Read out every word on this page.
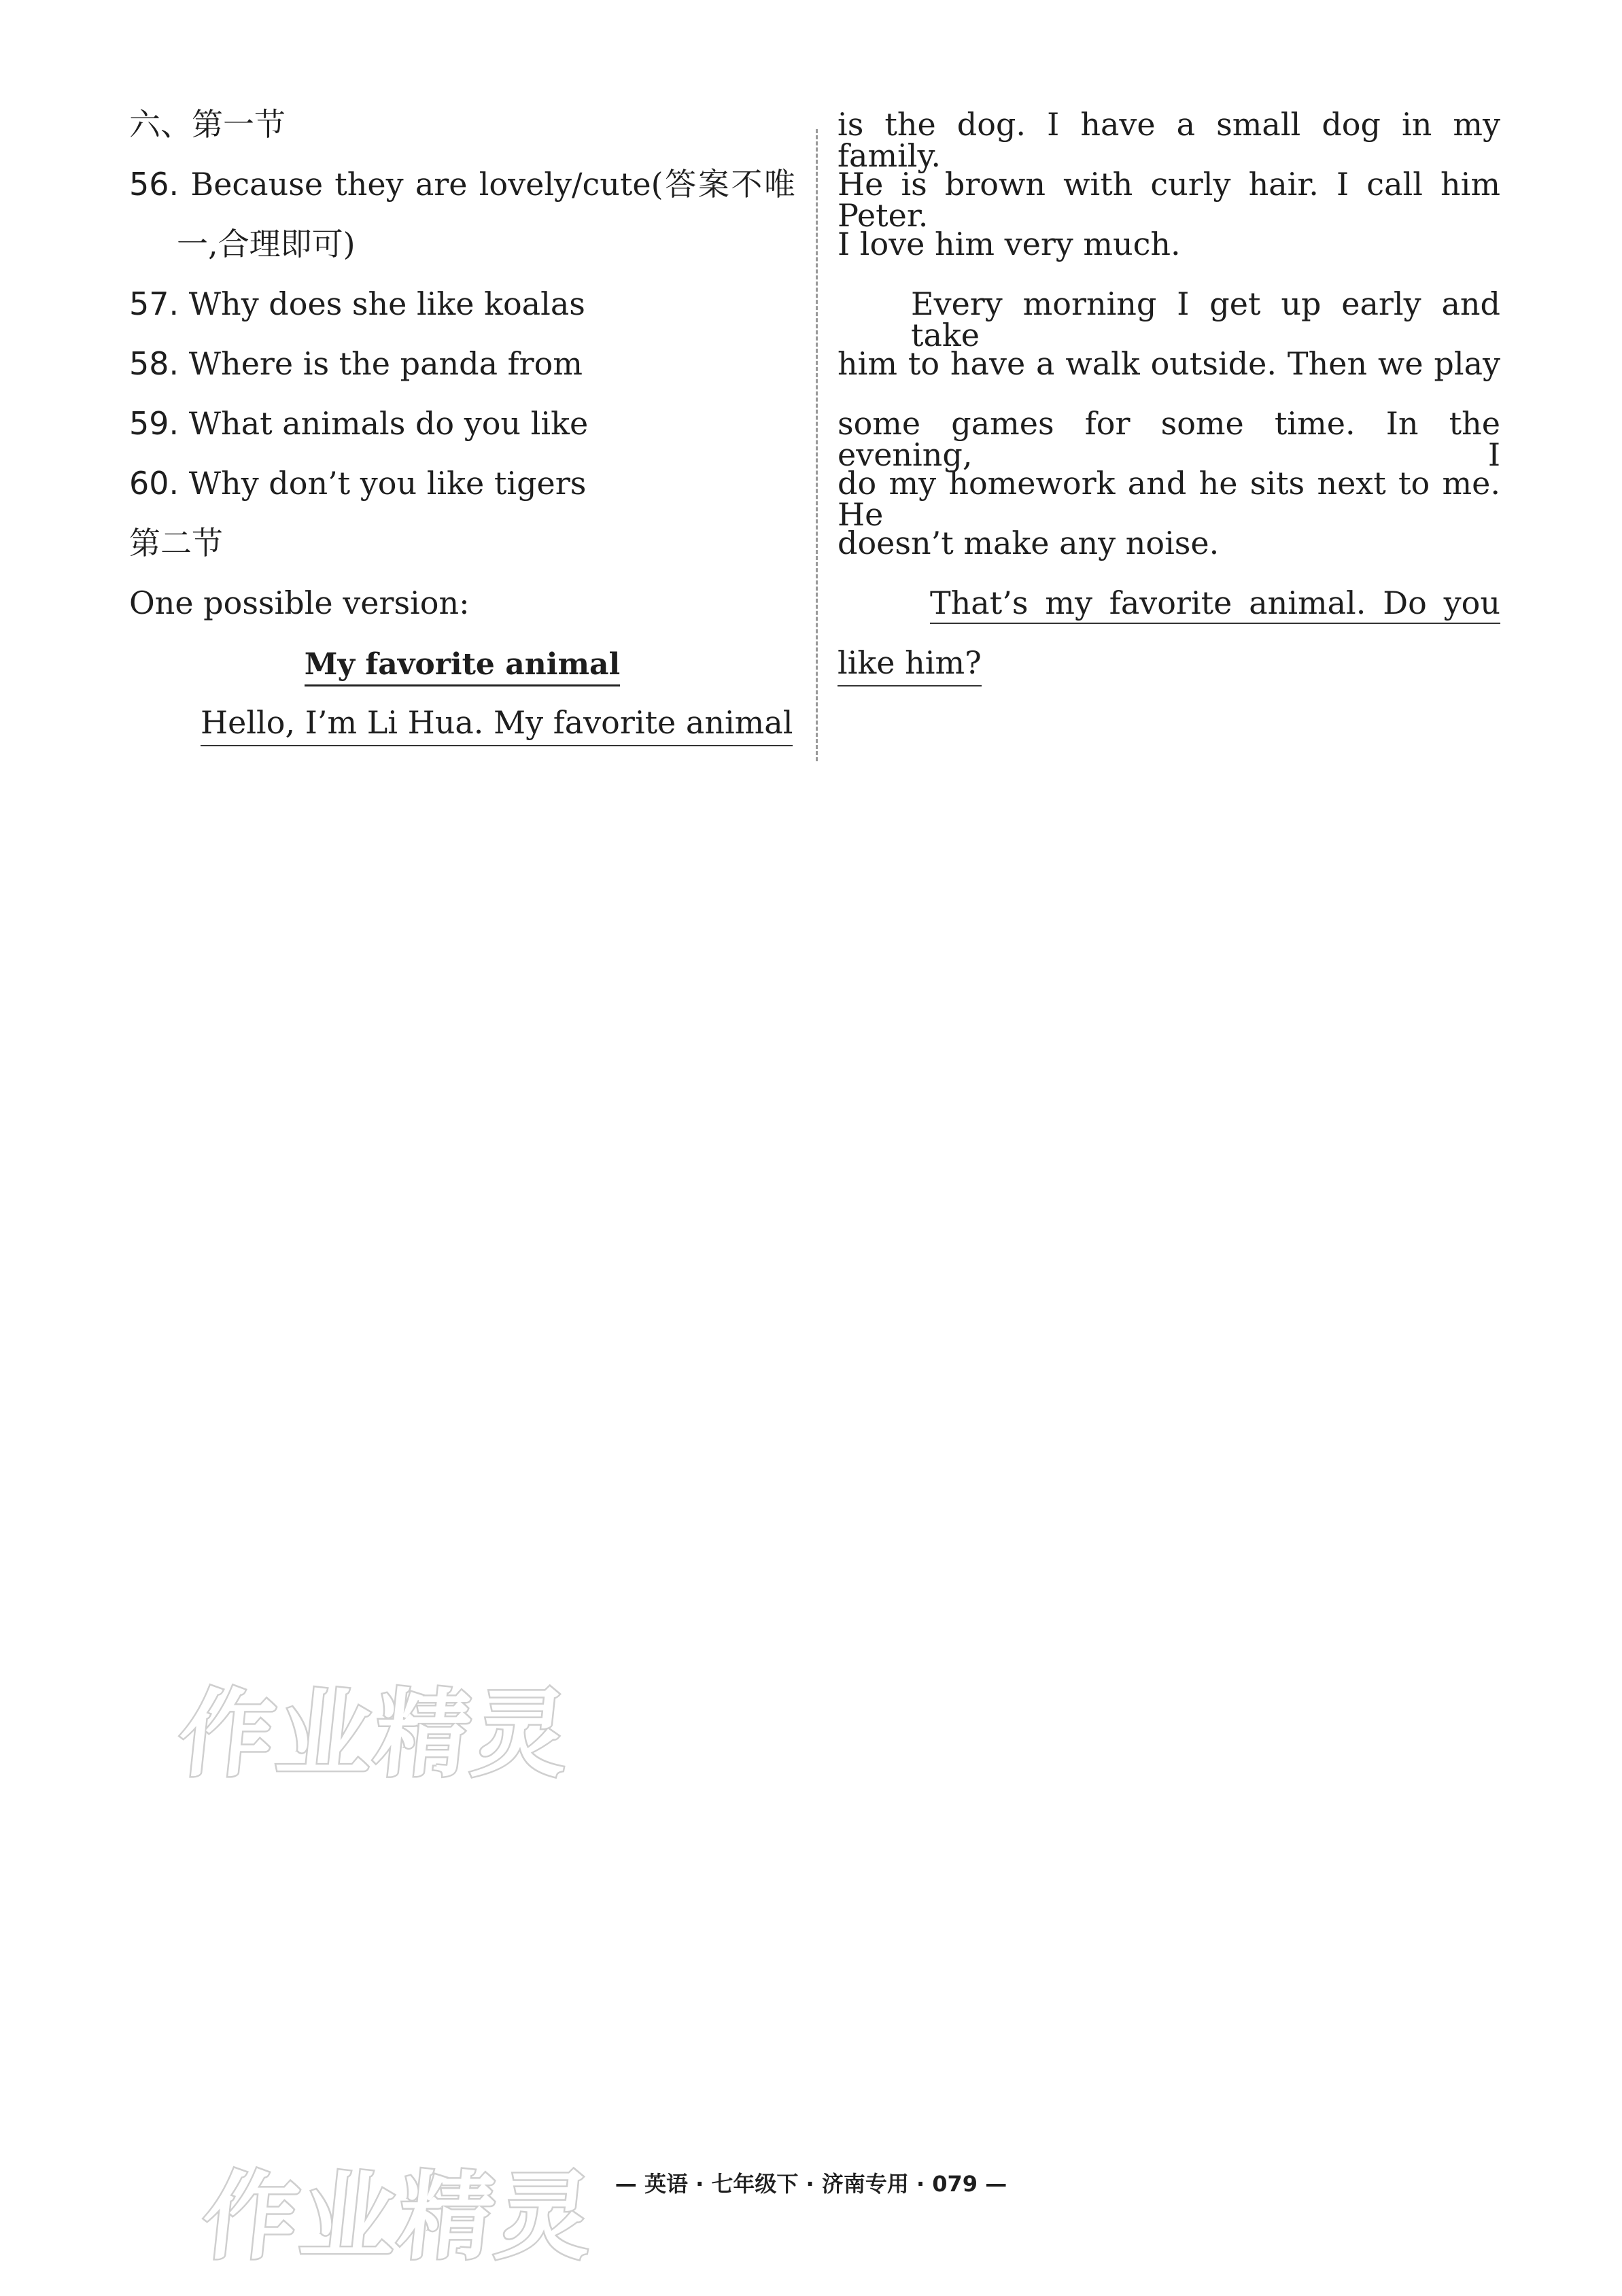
六、第一节
56. Because they are lovely/cute(答案不唯
一,合理即可)
57. Why does she like koalas
58. Where is the panda from
59. What animals do you like
60. Why don’t you like tigers
第二节
One possible version:
My favorite animal
Hello, I’m Li Hua. My favorite animal
is the dog. I have a small dog in my family.
He is brown with curly hair. I call him Peter.
I love him very much.
Every morning I get up early and take
him to have a walk outside. Then we play
some games for some time. In the evening, I
do my homework and he sits next to me. He
doesn’t make any noise.
That’s my favorite animal. Do you
like him?
作业精灵
作业精灵 — 英语 · 七年级下 · 济南专用 · 079 —
